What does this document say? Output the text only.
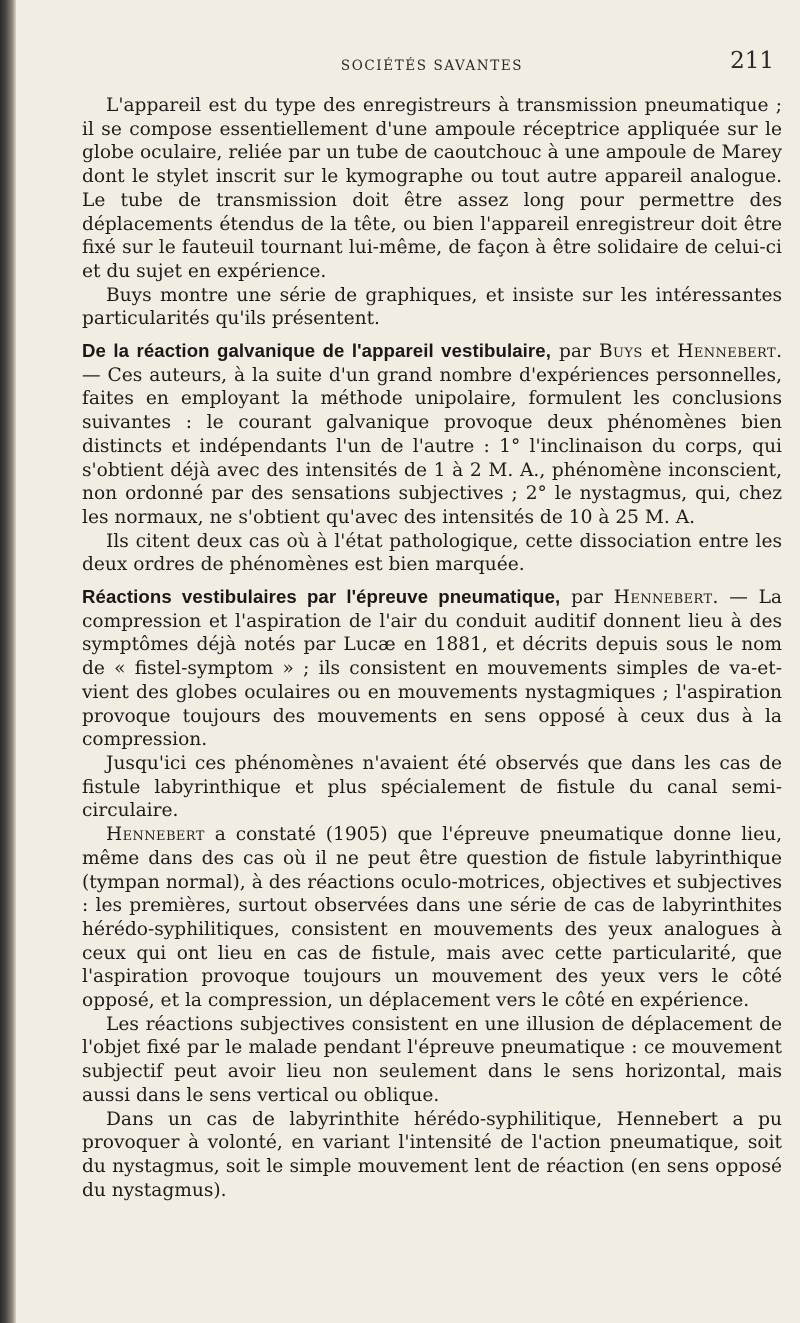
SOCIÉTÉS SAVANTES	211

L'appareil est du type des enregistreurs à transmission pneumatique ; il se compose essentiellement d'une ampoule réceptrice appliquée sur le globe oculaire, reliée par un tube de caoutchouc à une ampoule de Marey dont le stylet inscrit sur le kymographe ou tout autre appareil analogue. Le tube de transmission doit être assez long pour permettre des déplacements étendus de la tête, ou bien l'appareil enregistreur doit être fixé sur le fauteuil tournant lui-même, de façon à être solidaire de celui-ci et du sujet en expérience.

Buys montre une série de graphiques, et insiste sur les intéressantes particularités qu'ils présentent.

De la réaction galvanique de l'appareil vestibulaire, par Buys et Hennebert. — Ces auteurs, à la suite d'un grand nombre d'expériences personnelles, faites en employant la méthode unipolaire, formulent les conclusions suivantes : le courant galvanique provoque deux phénomènes bien distincts et indépendants l'un de l'autre : 1° l'inclinaison du corps, qui s'obtient déjà avec des intensités de 1 à 2 M. A., phénomène inconscient, non ordonné par des sensations subjectives ; 2° le nystagmus, qui, chez les normaux, ne s'obtient qu'avec des intensités de 10 à 25 M. A.

Ils citent deux cas où à l'état pathologique, cette dissociation entre les deux ordres de phénomènes est bien marquée.

Réactions vestibulaires par l'épreuve pneumatique, par Hennebert. — La compression et l'aspiration de l'air du conduit auditif donnent lieu à des symptômes déjà notés par Lucæ en 1881, et décrits depuis sous le nom de « fistel-symptom » ; ils consistent en mouvements simples de va-et-vient des globes oculaires ou en mouvements nystagmiques ; l'aspiration provoque toujours des mouvements en sens opposé à ceux dus à la compression.

Jusqu'ici ces phénomènes n'avaient été observés que dans les cas de fistule labyrinthique et plus spécialement de fistule du canal semi-circulaire.

Hennebert a constaté (1905) que l'épreuve pneumatique donne lieu, même dans des cas où il ne peut être question de fistule labyrinthique (tympan normal), à des réactions oculo-motrices, objectives et subjectives : les premières, surtout observées dans une série de cas de labyrinthites hérédo-syphilitiques, consistent en mouvements des yeux analogues à ceux qui ont lieu en cas de fistule, mais avec cette particularité, que l'aspiration provoque toujours un mouvement des yeux vers le côté opposé, et la compression, un déplacement vers le côté en expérience.

Les réactions subjectives consistent en une illusion de déplacement de l'objet fixé par le malade pendant l'épreuve pneumatique : ce mouvement subjectif peut avoir lieu non seulement dans le sens horizontal, mais aussi dans le sens vertical ou oblique.

Dans un cas de labyrinthite hérédo-syphilitique, Hennebert a pu provoquer à volonté, en variant l'intensité de l'action pneumatique, soit du nystagmus, soit le simple mouvement lent de réaction (en sens opposé du nystagmus).
